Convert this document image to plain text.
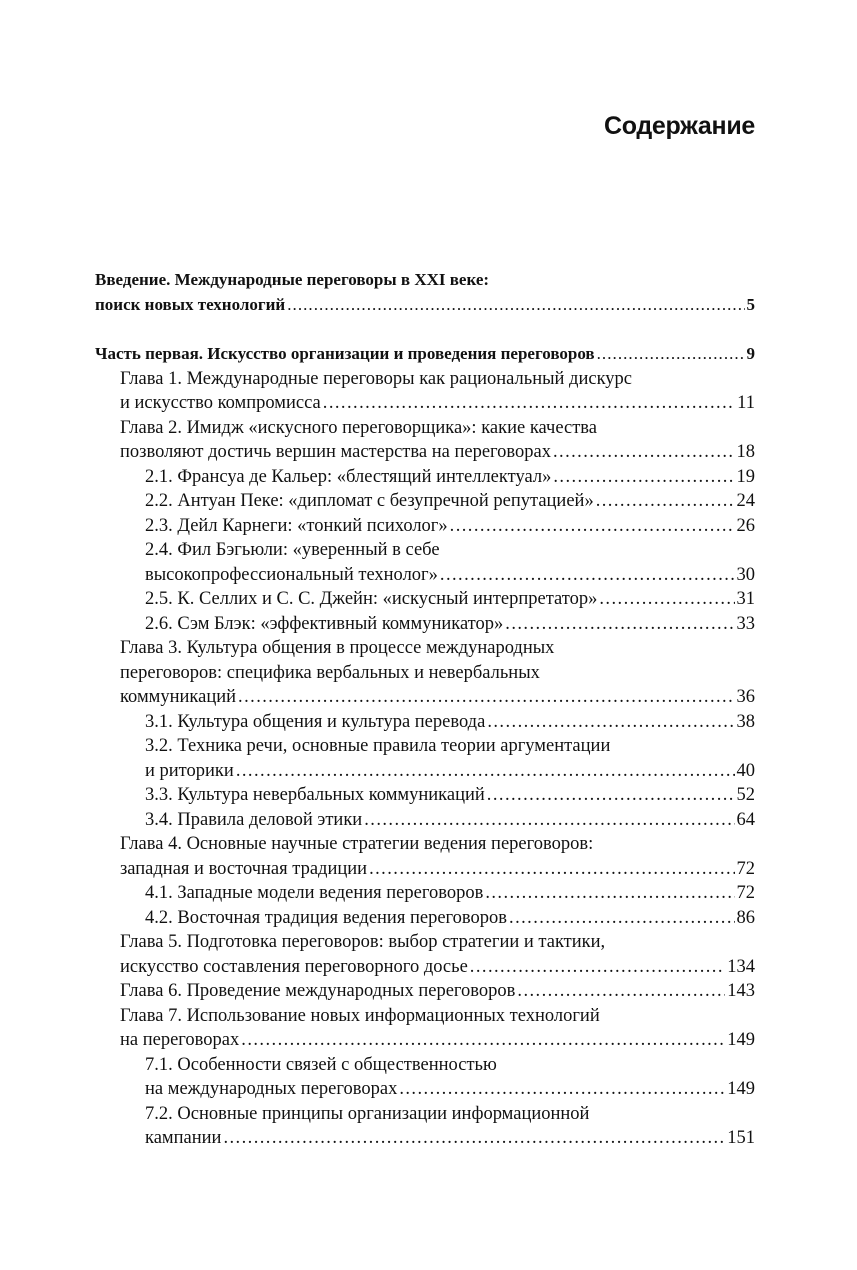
Содержание
Введение. Международные переговоры в XXI веке:
поиск новых технологий . . .	5
Часть первая. Искусство организации и проведения переговоров . . .	9
Глава 1. Международные переговоры как рациональный дискурс
и искусство компромисса . . .	11
Глава 2. Имидж «искусного переговорщика»: какие качества
позволяют достичь вершин мастерства на переговорах . . .	18
2.1. Франсуа де Кальер: «блестящий интеллектуал» . . .	19
2.2. Антуан Пеке: «дипломат с безупречной репутацией» . . .	24
2.3. Дейл Карнеги: «тонкий психолог» . . .	26
2.4. Фил Бэгьюли: «уверенный в себе
высокопрофессиональный технолог» . . .	30
2.5. К. Селлих и С. С. Джейн: «искусный интерпретатор» . . .	31
2.6. Сэм Блэк: «эффективный коммуникатор» . . .	33
Глава 3. Культура общения в процессе международных
переговоров: специфика вербальных и невербальных
коммуникаций . . .	36
3.1. Культура общения и культура перевода . . .	38
3.2. Техника речи, основные правила теории аргументации
и риторики . . .	40
3.3. Культура невербальных коммуникаций . . .	52
3.4. Правила деловой этики . . .	64
Глава 4. Основные научные стратегии ведения переговоров:
западная и восточная традиции . . .	72
4.1. Западные модели ведения переговоров . . .	72
4.2. Восточная традиция ведения переговоров . . .	86
Глава 5. Подготовка переговоров: выбор стратегии и тактики,
искусство составления переговорного досье . . .	134
Глава 6. Проведение международных переговоров . . .	143
Глава 7. Использование новых информационных технологий
на переговорах . . .	149
7.1. Особенности связей с общественностью
на международных переговорах . . .	149
7.2. Основные принципы организации информационной
кампании . . .	151
